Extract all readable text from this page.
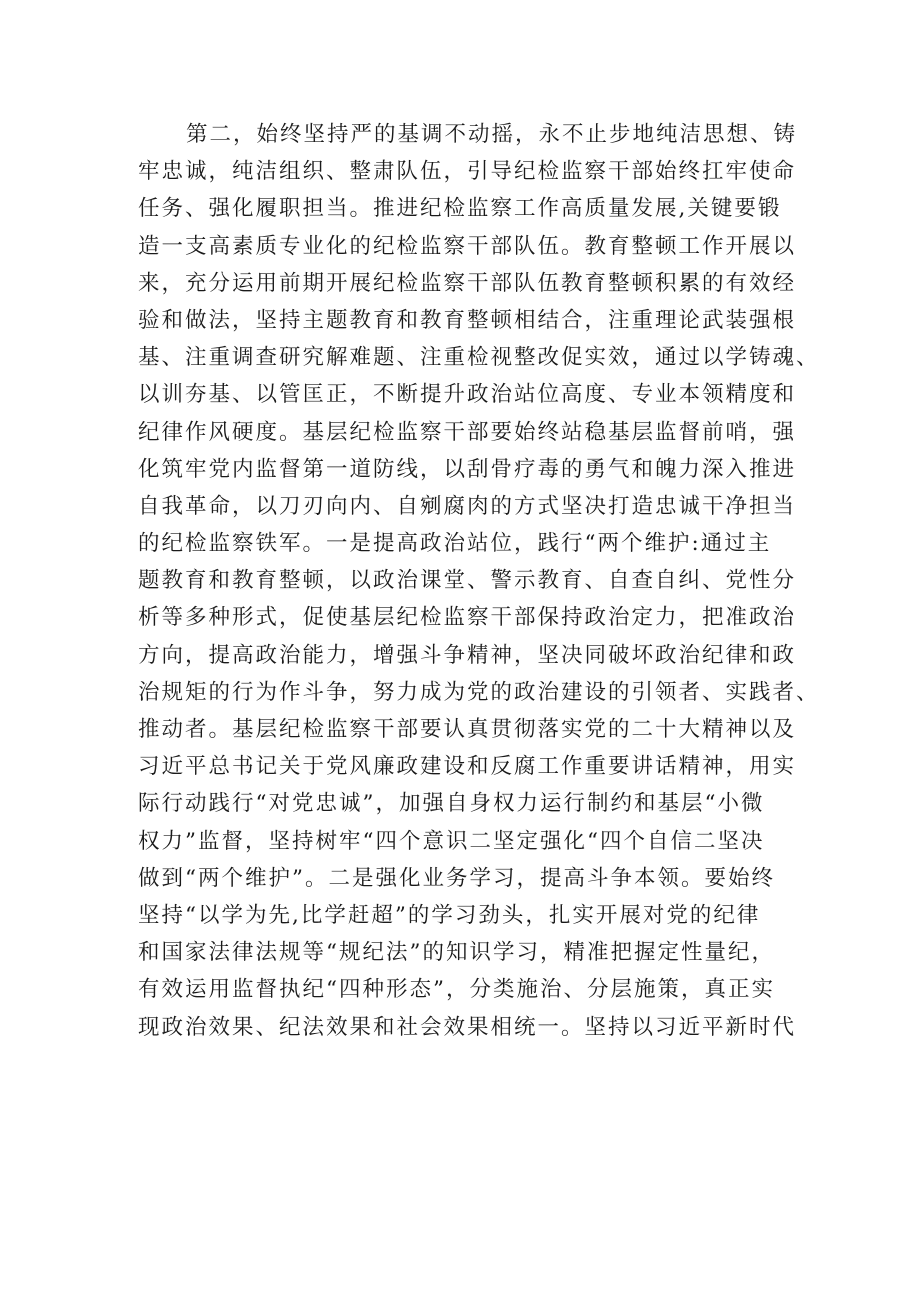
第二，始终坚持严的基调不动摇，永不止步地纯洁思想、铸
牢忠诚，纯洁组织、整肃队伍，引导纪检监察干部始终扛牢使命
任务、强化履职担当。推进纪检监察工作高质量发展,关键要锻
造一支高素质专业化的纪检监察干部队伍。教育整顿工作开展以
来，充分运用前期开展纪检监察干部队伍教育整顿积累的有效经
验和做法，坚持主题教育和教育整顿相结合，注重理论武装强根
基、注重调查研究解难题、注重检视整改促实效，通过以学铸魂、
以训夯基、以管匡正，不断提升政治站位高度、专业本领精度和
纪律作风硬度。基层纪检监察干部要始终站稳基层监督前哨，强
化筑牢党内监督第一道防线，以刮骨疗毒的勇气和魄力深入推进
自我革命，以刀刃向内、自剜腐肉的方式坚决打造忠诚干净担当
的纪检监察铁军。一是提高政治站位，践行“两个维护:通过主
题教育和教育整顿，以政治课堂、警示教育、自查自纠、党性分
析等多种形式，促使基层纪检监察干部保持政治定力，把准政治
方向，提高政治能力，增强斗争精神，坚决同破坏政治纪律和政
治规矩的行为作斗争，努力成为党的政治建设的引领者、实践者、
推动者。基层纪检监察干部要认真贯彻落实党的二十大精神以及
习近平总书记关于党风廉政建设和反腐工作重要讲话精神，用实
际行动践行“对党忠诚”，加强自身权力运行制约和基层“小微
权力”监督，坚持树牢“四个意识二坚定强化“四个自信二坚决
做到“两个维护”。二是强化业务学习，提高斗争本领。要始终
坚持“以学为先,比学赶超”的学习劲头，扎实开展对党的纪律
和国家法律法规等“规纪法”的知识学习，精准把握定性量纪，
有效运用监督执纪“四种形态”，分类施治、分层施策，真正实
现政治效果、纪法效果和社会效果相统一。坚持以习近平新时代
